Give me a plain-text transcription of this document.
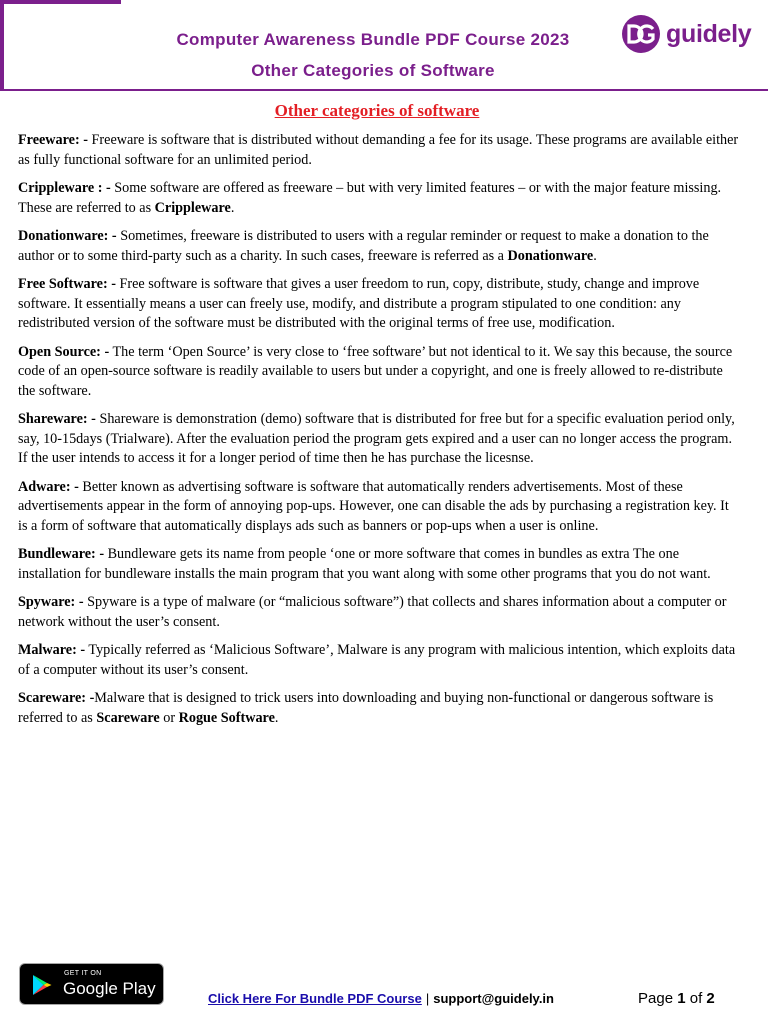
Computer Awareness Bundle PDF Course 2023
Other Categories of Software
guidely
Other categories of software

Freeware: - Freeware is software that is distributed without demanding a fee for its usage. These programs are available either as fully functional software for an unlimited period.

Crippleware : - Some software are offered as freeware – but with very limited features – or with the major feature missing. These are referred to as Crippleware.

Donationware: - Sometimes, freeware is distributed to users with a regular reminder or request to make a donation to the author or to some third-party such as a charity. In such cases, freeware is referred as a Donationware.

Free Software: - Free software is software that gives a user freedom to run, copy, distribute, study, change and improve software. It essentially means a user can freely use, modify, and distribute a program stipulated to one condition: any redistributed version of the software must be distributed with the original terms of free use, modification.

Open Source: - The term ‘Open Source’ is very close to ‘free software’ but not identical to it. We say this because, the source code of an open-source software is readily available to users but under a copyright, and one is freely allowed to re-distribute the software.

Shareware: - Shareware is demonstration (demo) software that is distributed for free but for a specific evaluation period only, say, 10-15days (Trialware). After the evaluation period the program gets expired and a user can no longer access the program. If the user intends to access it for a longer period of time then he has purchase the licesnse.

Adware: - Better known as advertising software is software that automatically renders advertisements. Most of these advertisements appear in the form of annoying pop-ups. However, one can disable the ads by purchasing a registration key. It is a form of software that automatically displays ads such as banners or pop-ups when a user is online.

Bundleware: - Bundleware gets its name from people ‘one or more software that comes in bundles as extra The one installation for bundleware installs the main program that you want along with some other programs that you do not want.

Spyware: - Spyware is a type of malware (or “malicious software”) that collects and shares information about a computer or network without the user’s consent.

Malware: - Typically referred as ‘Malicious Software’, Malware is any program with malicious intention, which exploits data of a computer without its user’s consent.

Scareware: -Malware that is designed to trick users into downloading and buying non-functional or dangerous software is referred to as Scareware or Rogue Software.

GET IT ON
Google Play
Click Here For Bundle PDF Course | support@guidely.in	Page 1 of 2
